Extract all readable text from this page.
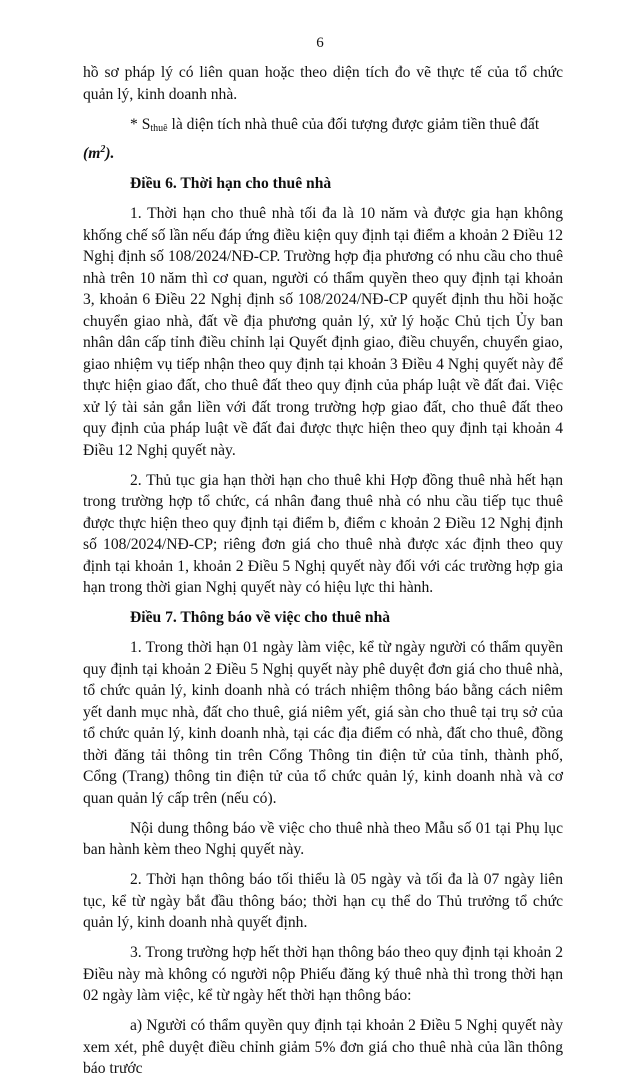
6

hồ sơ pháp lý có liên quan hoặc theo diện tích đo vẽ thực tế của tổ chức quản lý, kinh doanh nhà.

* $S_{thuê}$ là diện tích nhà thuê của đối tượng được giảm tiền thuê đất $(m^2)$.

Điều 6. Thời hạn cho thuê nhà

1. Thời hạn cho thuê nhà tối đa là 10 năm và được gia hạn không khống chế số lần nếu đáp ứng điều kiện quy định tại điểm a khoản 2 Điều 12 Nghị định số 108/2024/NĐ-CP. Trường hợp địa phương có nhu cầu cho thuê nhà trên 10 năm thì cơ quan, người có thẩm quyền theo quy định tại khoản 3, khoản 6 Điều 22 Nghị định số 108/2024/NĐ-CP quyết định thu hồi hoặc chuyển giao nhà, đất về địa phương quản lý, xử lý hoặc Chủ tịch Ủy ban nhân dân cấp tỉnh điều chỉnh lại Quyết định giao, điều chuyển, chuyển giao, giao nhiệm vụ tiếp nhận theo quy định tại khoản 3 Điều 4 Nghị quyết này để thực hiện giao đất, cho thuê đất theo quy định của pháp luật về đất đai. Việc xử lý tài sản gắn liền với đất trong trường hợp giao đất, cho thuê đất theo quy định của pháp luật về đất đai được thực hiện theo quy định tại khoản 4 Điều 12 Nghị quyết này.

2. Thủ tục gia hạn thời hạn cho thuê khi Hợp đồng thuê nhà hết hạn trong trường hợp tổ chức, cá nhân đang thuê nhà có nhu cầu tiếp tục thuê được thực hiện theo quy định tại điểm b, điểm c khoản 2 Điều 12 Nghị định số 108/2024/NĐ-CP; riêng đơn giá cho thuê nhà được xác định theo quy định tại khoản 1, khoản 2 Điều 5 Nghị quyết này đối với các trường hợp gia hạn trong thời gian Nghị quyết này có hiệu lực thi hành.

Điều 7. Thông báo về việc cho thuê nhà

1. Trong thời hạn 01 ngày làm việc, kể từ ngày người có thẩm quyền quy định tại khoản 2 Điều 5 Nghị quyết này phê duyệt đơn giá cho thuê nhà, tổ chức quản lý, kinh doanh nhà có trách nhiệm thông báo bằng cách niêm yết danh mục nhà, đất cho thuê, giá niêm yết, giá sàn cho thuê tại trụ sở của tổ chức quản lý, kinh doanh nhà, tại các địa điểm có nhà, đất cho thuê, đồng thời đăng tải thông tin trên Cổng Thông tin điện tử của tỉnh, thành phố, Cổng (Trang) thông tin điện tử của tổ chức quản lý, kinh doanh nhà và cơ quan quản lý cấp trên (nếu có).

Nội dung thông báo về việc cho thuê nhà theo Mẫu số 01 tại Phụ lục ban hành kèm theo Nghị quyết này.

2. Thời hạn thông báo tối thiểu là 05 ngày và tối đa là 07 ngày liên tục, kể từ ngày bắt đầu thông báo; thời hạn cụ thể do Thủ trưởng tổ chức quản lý, kinh doanh nhà quyết định.

3. Trong trường hợp hết thời hạn thông báo theo quy định tại khoản 2 Điều này mà không có người nộp Phiếu đăng ký thuê nhà thì trong thời hạn 02 ngày làm việc, kể từ ngày hết thời hạn thông báo:

a) Người có thẩm quyền quy định tại khoản 2 Điều 5 Nghị quyết này xem xét, phê duyệt điều chỉnh giảm 5% đơn giá cho thuê nhà của lần thông báo trước
